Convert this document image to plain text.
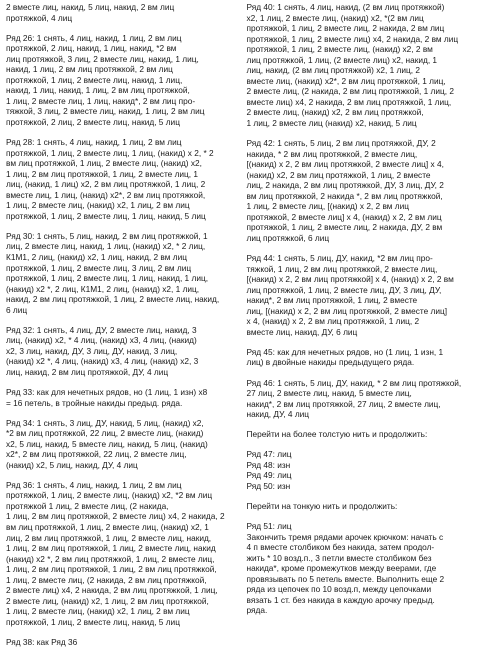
2 вместе лиц, накид, 5 лиц, накид, 2 вм лиц
протяжкой, 4 лиц

Ряд 26: 1 снять, 4 лиц, накид, 1 лиц, 2 вм лиц
протяжкой, 2 лиц, накид, 1 лиц, накид, *2 вм
лиц протяжкой, 3 лиц, 2 вместе лиц, накид, 1 лиц,
накид, 1 лиц, 2 вм лиц протяжкой, 2 вм лиц
протяжкой, 1 лиц, 2 вместе лиц, накид, 1 лиц,
накид, 1 лиц, накид, 1 лиц, 2 вм лиц протяжкой,
1 лиц, 2 вместе лиц, 1 лиц, накид*, 2 вм лиц про-
тяжкой, 3 лиц, 2 вместе лиц, накид, 1 лиц, 2 вм лиц
протяжкой, 2 лиц, 2 вместе лиц, накид, 5 лиц

Ряд 28: 1 снять, 4 лиц, накид, 1 лиц, 2 вм лиц
протяжкой, 1 лиц, 2 вместе лиц, 1 лиц, (накид) х 2, * 2
вм лиц протяжкой, 1 лиц, 2 вместе лиц, (накид) х2,
1 лиц, 2 вм лиц протяжкой, 1 лиц, 2 вместе лиц, 1
лиц, (накид, 1 лиц) х2, 2 вм лиц протяжкой, 1 лиц, 2
вместе лиц, 1 лиц, (накид) х2*, 2 вм лиц протяжкой,
1 лиц, 2 вместе лиц, (накид) х2, 1 лиц, 2 вм лиц
протяжкой, 1 лиц, 2 вместе лиц, 1 лиц, накид, 5 лиц

Ряд 30: 1 снять, 5 лиц, накид, 2 вм лиц протяжкой, 1
лиц, 2 вместе лиц, накид, 1 лиц, (накид) х2, * 2 лиц,
К1М1, 2 лиц, (накид) х2, 1 лиц, накид, 2 вм лиц
протяжкой, 1 лиц, 2 вместе лиц, 3 лиц, 2 вм лиц
протяжкой, 1 лиц, 2 вместе лиц, 1 лиц, накид, 1 лиц,
(накид) х2 *, 2 лиц, К1М1, 2 лиц, (накид) х2, 1 лиц,
накид, 2 вм лиц протяжкой, 1 лиц, 2 вместе лиц, накид,
6 лиц

Ряд 32: 1 снять, 4 лиц, ДУ, 2 вместе лиц, накид, 3
лиц, (накид) х2, * 4 лиц, (накид) х3, 4 лиц, (накид)
х2, 3 лиц, накид, ДУ, 3 лиц, ДУ, накид, 3 лиц,
(накид) х2 *, 4 лиц, (накид) х3, 4 лиц, (накид) х2, 3
лиц, накид, 2 вм лиц протяжкой, ДУ, 4 лиц

Ряд 33: как для нечетных рядов, но (1 лиц, 1 изн) х8
= 16 петель, в тройные накиды предыд. ряда.

Ряд 34: 1 снять, 3 лиц, ДУ, накид, 5 лиц, (накид) х2,
*2 вм лиц протяжкой, 22 лиц, 2 вместе лиц, (накид)
х2, 5 лиц, накид, 5 вместе лиц, накид, 5 лиц, (накид)
х2*, 2 вм лиц протяжкой, 22 лиц, 2 вместе лиц,
(накид) х2, 5 лиц, накид, ДУ, 4 лиц

Ряд 36: 1 снять, 4 лиц, накид, 1 лиц, 2 вм лиц
протяжкой, 1 лиц, 2 вместе лиц, (накид) х2, *2 вм лиц
протяжкой 1 лиц, 2 вместе лиц, (2 накида,
1 лиц, 2 вм лиц протяжкой, 2 вместе лиц) х4, 2 накида, 2
вм лиц протяжкой, 1 лиц, 2 вместе лиц, (накид) х2, 1
лиц, 2 вм лиц протяжкой, 1 лиц, 2 вместе лиц, накид,
1 лиц, 2 вм лиц протяжкой, 1 лиц, 2 вместе лиц, накид
(накид) х2 *, 2 вм лиц протяжкой, 1 лиц, 2 вместе лиц,
1 лиц, 2 вм лиц протяжкой, 1 лиц, 2 вм лиц протяжкой,
1 лиц, 2 вместе лиц, (2 накида, 2 вм лиц протяжкой,
2 вместе лиц) х4, 2 накида, 2 вм лиц протяжкой, 1 лиц,
2 вместе лиц, (накид) х2, 1 лиц, 2 вм лиц протяжкой,
1 лиц, 2 вместе лиц, (накид) х2, 1 лиц, 2 вм лиц
протяжкой, 1 лиц, 2 вместе лиц, накид, 5 лиц

Ряд 38: как Ряд 36

Ряд 40: 1 снять, 4 лиц, накид, (2 вм лиц протяжкой)
х2, 1 лиц, 2 вместе лиц, (накид) х2, *(2 вм лиц
протяжкой, 1 лиц, 2 вместе лиц, 2 накида, 2 вм лиц
протяжкой, 1 лиц, 2 вместе лиц) х4, 2 накида, 2 вм лиц
протяжкой, 1 лиц, 2 вместе лиц, (накид) х2, 2 вм
лиц протяжкой, 1 лиц, (2 вместе лиц) х2, накид, 1
лиц, накид, (2 вм лиц протяжкой) х2, 1 лиц, 2
вместе лиц, (накид) х2*, 2 вм лиц протяжкой, 1 лиц,
2 вместе лиц, (2 накида, 2 вм лиц протяжкой, 1 лиц, 2
вместе лиц) х4, 2 накида, 2 вм лиц протяжкой, 1 лиц,
2 вместе лиц, (накид) х2, 2 вм лиц протяжкой,
1 лиц, 2 вместе лиц (накид) х2, накид, 5 лиц

Ряд 42: 1 снять, 5 лиц, 2 вм лиц протяжкой, ДУ, 2
накида, * 2 вм лиц протяжкой, 2 вместе лиц,
[(накид) х 2, 2 вм лиц протяжкой, 2 вместе лиц] х 4,
(накид) х2, 2 вм лиц протяжкой, 1 лиц, 2 вместе
лиц, 2 накида, 2 вм лиц протяжкой, ДУ, 3 лиц, ДУ, 2
вм лиц протяжкой, 2 накида *, 2 вм лиц протяжкой,
1 лиц, 2 вместе лиц, [(накид) х 2, 2 вм лиц
протяжкой, 2 вместе лиц] х 4, (накид) х 2, 2 вм лиц
протяжкой, 1 лиц, 2 вместе лиц, 2 накида, ДУ, 2 вм
лиц протяжкой, 6 лиц

Ряд 44: 1 снять, 5 лиц, ДУ, накид, *2 вм лиц про-
тяжкой, 1 лиц, 2 вм лиц протяжкой, 2 вместе лиц,
[(накид) х 2, 2 вм лиц протяжкой] х 4, (накид) х 2, 2 вм
лиц протяжкой, 1 лиц, 2 вместе лиц, ДУ, 3 лиц, ДУ,
накид*, 2 вм лиц протяжкой, 1 лиц, 2 вместе
лиц, [(накид) х 2, 2 вм лиц протяжкой, 2 вместе лиц]
х 4, (накид) х 2, 2 вм лиц протяжкой, 1 лиц, 2
вместе лиц, накид, ДУ, 6 лиц

Ряд 45: как для нечетных рядов, но (1 лиц, 1 изн, 1
лиц) в двойные накиды предыдущего ряда.

Ряд 46: 1 снять, 5 лиц, ДУ, накид, * 2 вм лиц протяжкой,
27 лиц, 2 вместе лиц, накид, 5 вместе лиц,
накид*, 2 вм лиц протяжкой, 27 лиц, 2 вместе лиц,
накид, ДУ, 4 лиц

Перейти на более толстую нить и продолжить:

Ряд 47: лиц
Ряд 48: изн
Ряд 49: лиц
Ряд 50: изн

Перейти на тонкую нить и продолжить:

Ряд 51: лиц
Закончить тремя рядами арочек крючком: начать с
4 п вместе столбиком без накида, затем продол-
жить * 10 возд.п., 3 петли вместе столбиком без
накида*, кроме промежутков между веерами, где
провязывать по 5 петель вместе. Выполнить еще 2
ряда из цепочек по 10 возд.п, между цепочками
вязать 1 ст. без накида в каждую арочку предыд.
ряда.
